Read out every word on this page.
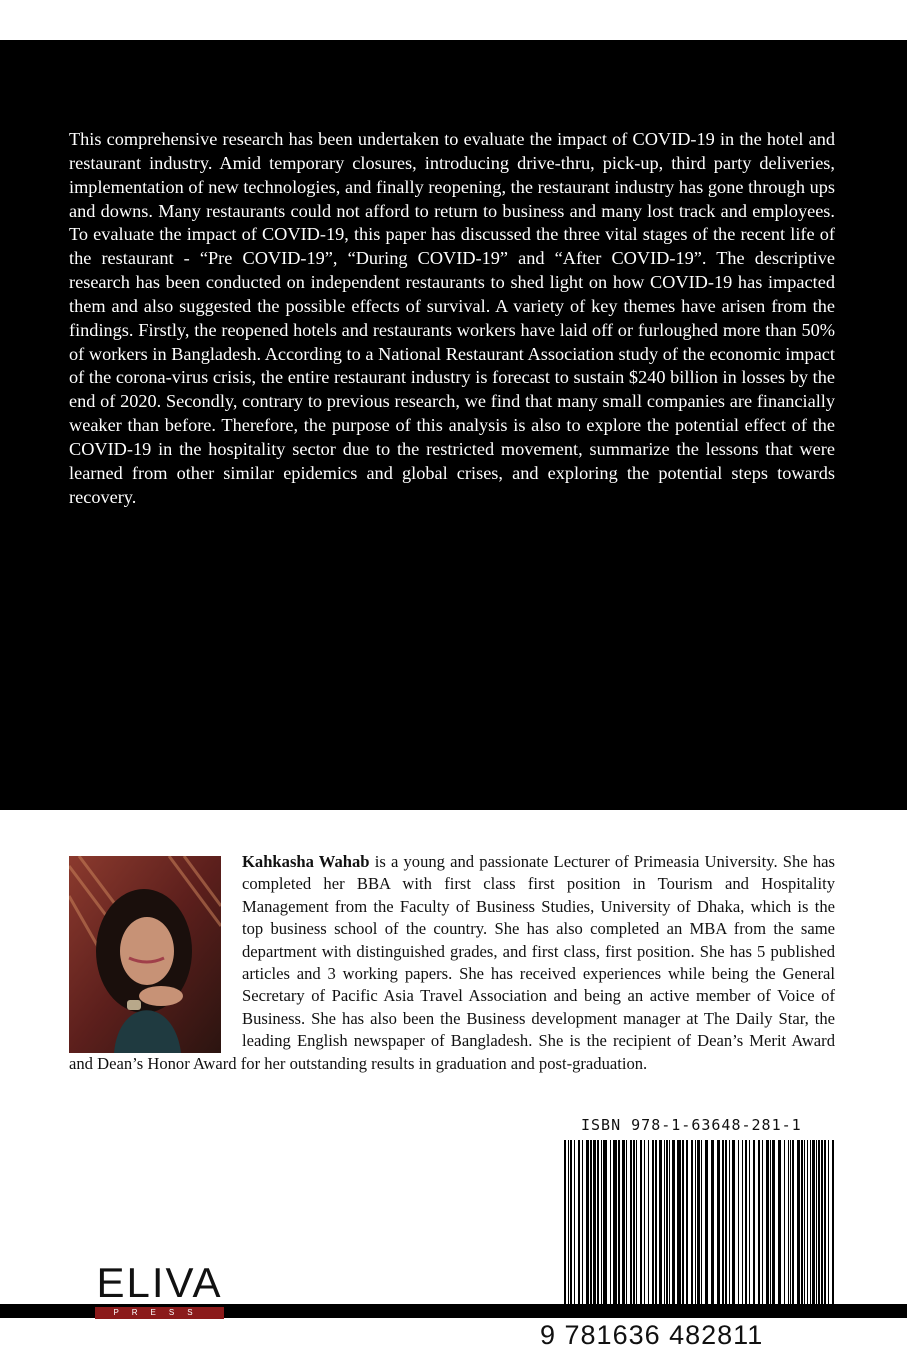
This comprehensive research has been undertaken to evaluate the impact of COVID-19 in the hotel and restaurant industry. Amid temporary closures, introducing drive-thru, pick-up, third party deliveries, implementation of new technologies, and finally reopening, the restaurant industry has gone through ups and downs. Many restaurants could not afford to return to business and many lost track and employees. To evaluate the impact of COVID-19, this paper has discussed the three vital stages of the recent life of the restaurant - “Pre COVID-19”, “During COVID-19” and “After COVID-19”. The descriptive research has been conducted on independent restaurants to shed light on how COVID-19 has impacted them and also suggested the possible effects of survival. A variety of key themes have arisen from the findings. Firstly, the reopened hotels and restaurants workers have laid off or furloughed more than 50% of workers in Bangladesh. According to a National Restaurant Association study of the economic impact of the corona-virus crisis, the entire restaurant industry is forecast to sustain $240 billion in losses by the end of 2020. Secondly, contrary to previous research, we find that many small companies are financially weaker than before. Therefore, the purpose of this analysis is also to explore the potential effect of the COVID-19 in the hospitality sector due to the restricted movement, summarize the lessons that were learned from other similar epidemics and global crises, and exploring the potential steps towards recovery.

Kahkasha Wahab is a young and passionate Lecturer of Primeasia University. She has completed her BBA with first class first position in Tourism and Hospitality Management from the Faculty of Business Studies, University of Dhaka, which is the top business school of the country. She has also completed an MBA from the same department with distinguished grades, and first class, first position. She has 5 published articles and 3 working papers. She has received experiences while being the General Secretary of Pacific Asia Travel Association and being an active member of Voice of Business. She has also been the Business development manager at The Daily Star, the leading English newspaper of Bangladesh. She is the recipient of Dean’s Merit Award and Dean’s Honor Award for her outstanding results in graduation and post-graduation.

ISBN 978-1-63648-281-1
ELIVA
PRESS
9 781636 482811
